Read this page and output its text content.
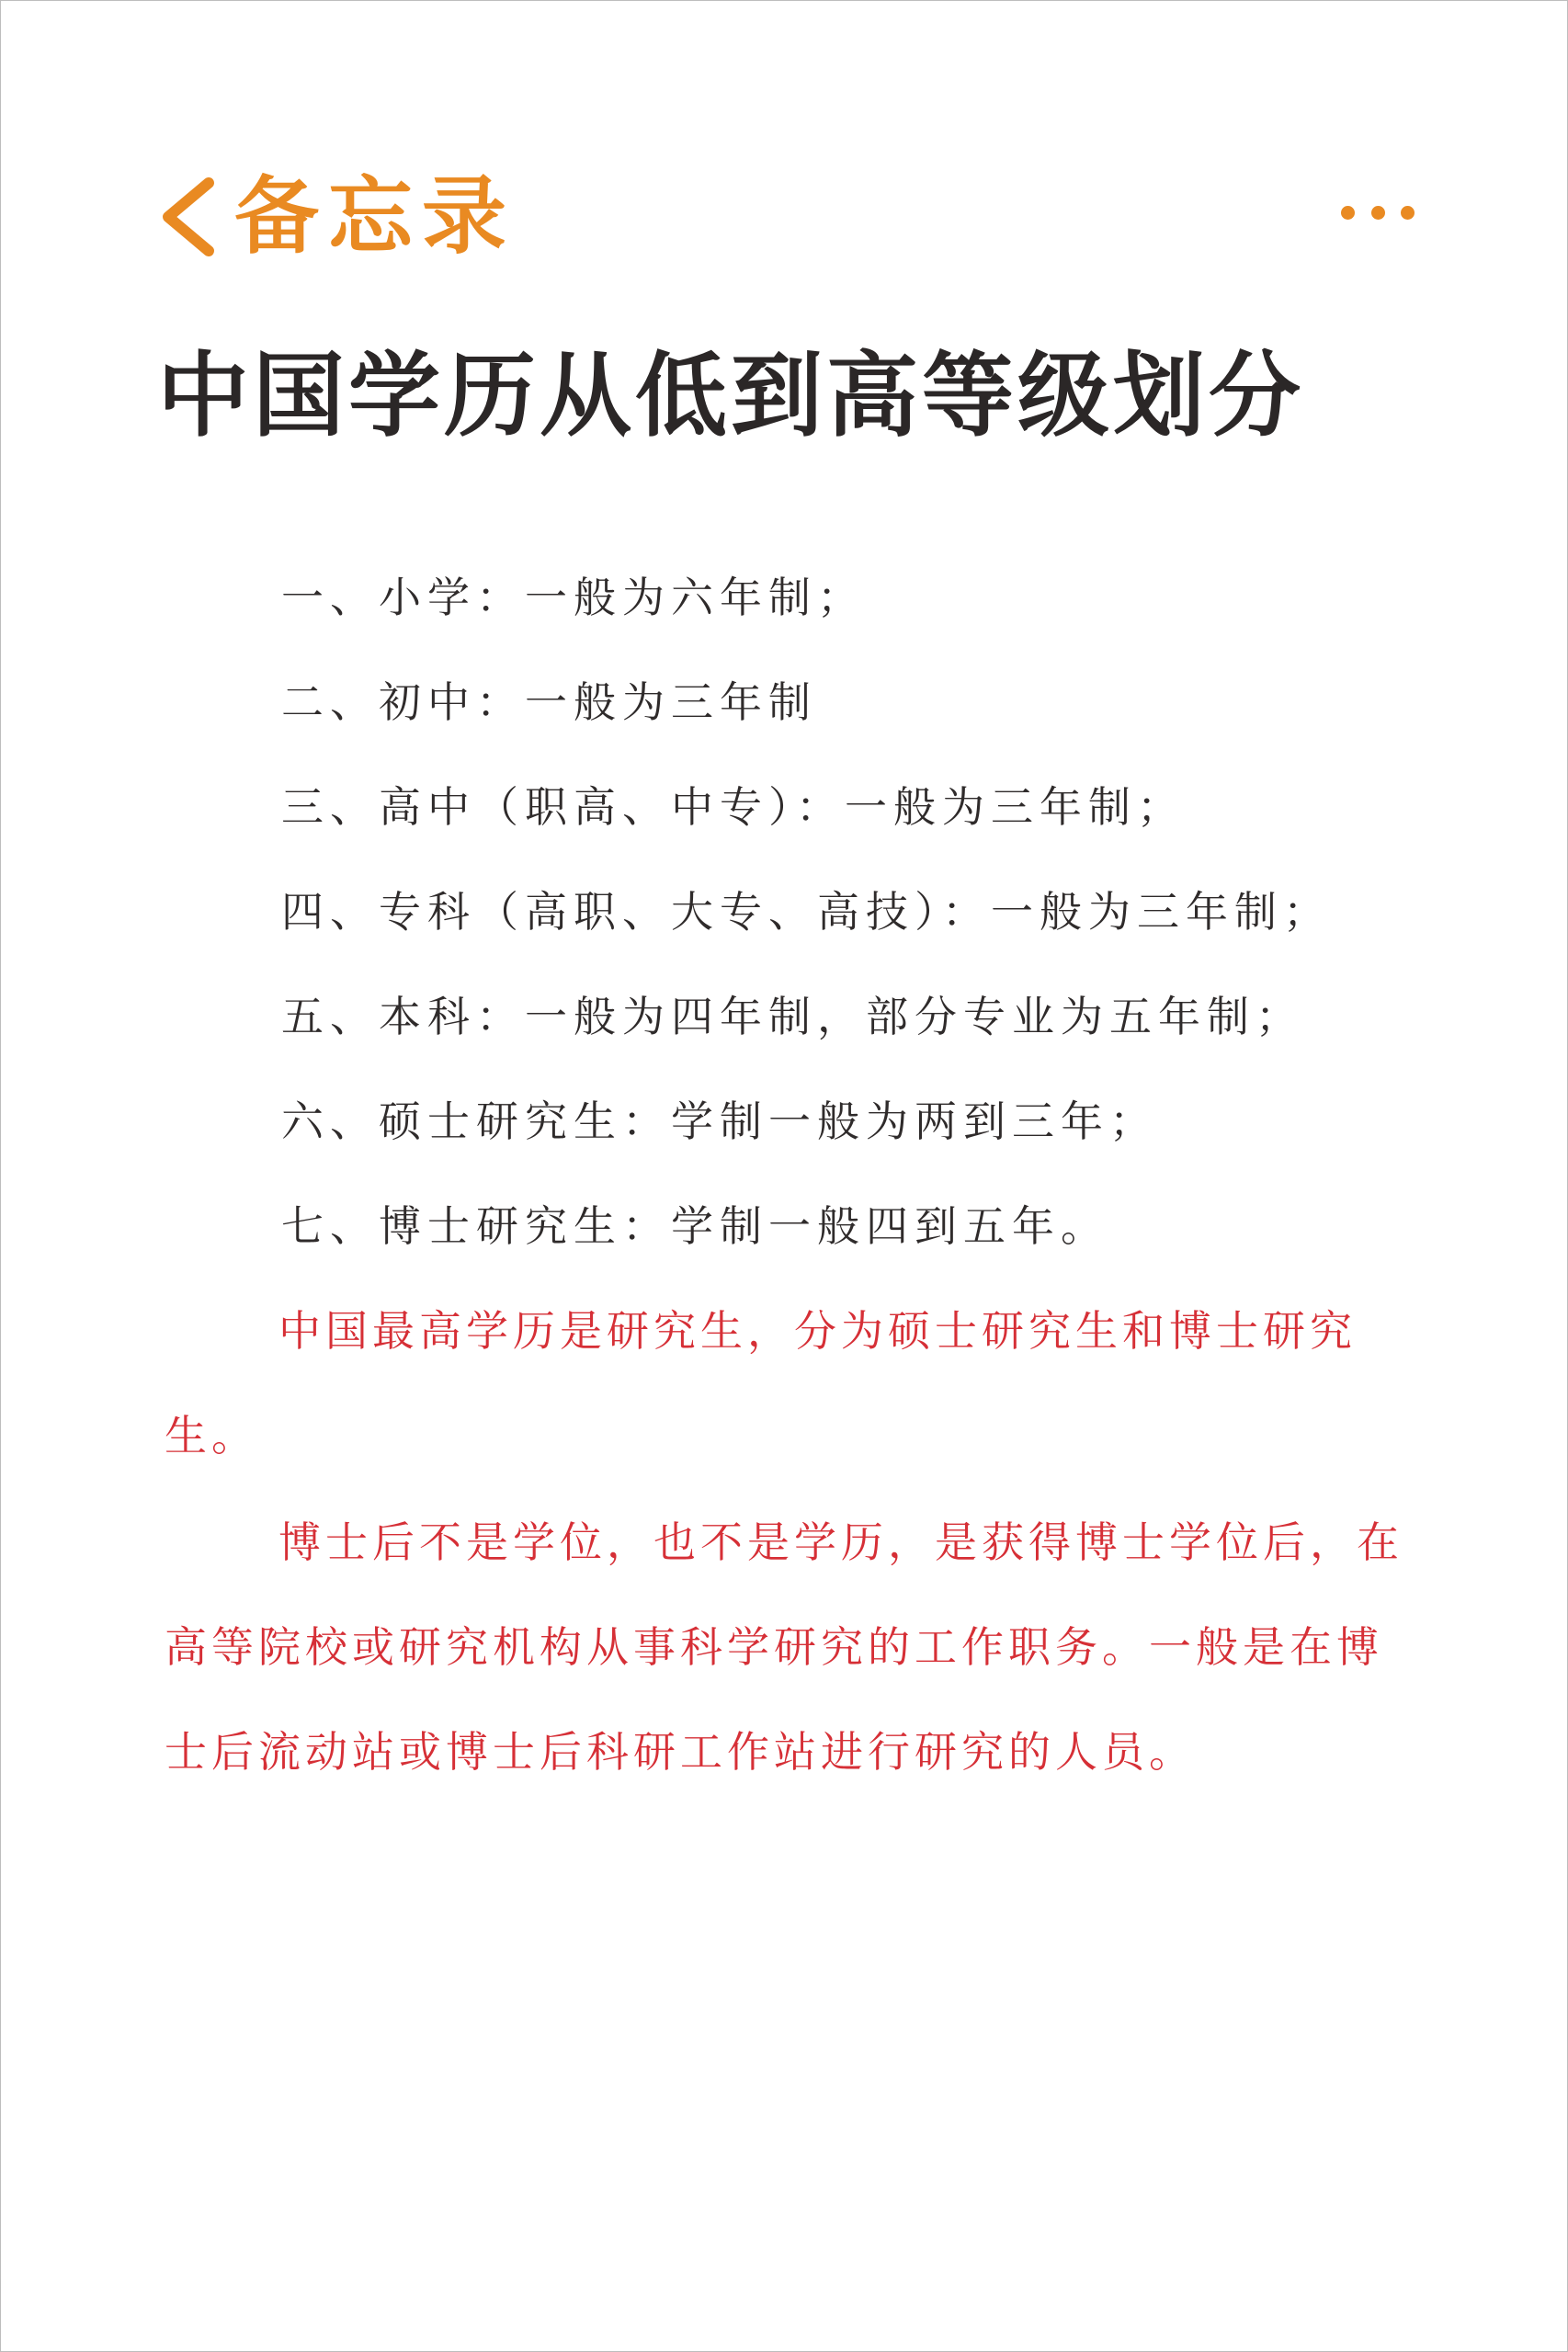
备忘录
中国学历从低到高等级划分
一、小学：一般为六年制；
二、初中：一般为三年制
三、高中（职高、中专）：一般为三年制；
四、专科（高职、大专、高技）：一般为三年制；
五、本科：一般为四年制，部分专业为五年制；
六、硕士研究生：学制一般为两到三年；
七、博士研究生：学制一般四到五年。

中国最高学历是研究生，分为硕士研究生和博士研究生。

博士后不是学位，也不是学历，是获得博士学位后，在高等院校或研究机构从事科学研究的工作职务。一般是在博士后流动站或博士后科研工作站进行研究的人员。
